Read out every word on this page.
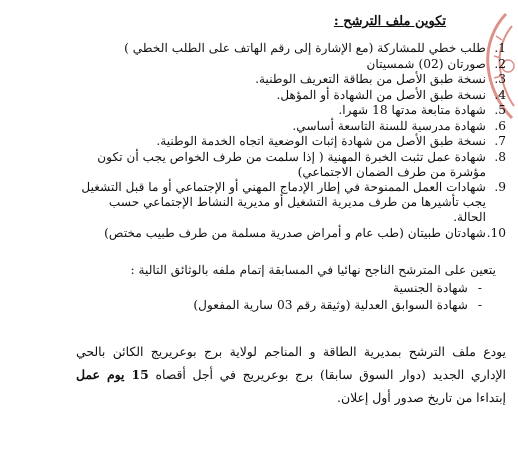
تكوين ملف الترشح :
1.
طلب خطي للمشاركة (مع الإشارة إلى رقم الهاتف على الطلب الخطي )
2.
صورتان (02) شمسيتان
3.
نسخة طبق الأصل من بطاقة التعريف الوطنية.
4.
نسخة طبق الأصل من الشهادة أو المؤهل.
5.
شهادة متابعة مدتها 18 شهرا.
6.
شهادة مدرسية للسنة التاسعة أساسي.
7.
نسخة طبق الأصل من شهادة إثبات الوضعية اتجاه الخدمة الوطنية.
8.
شهادة عمل تثبت الخبرة المهنية ( إذا سلمت من طرف الخواص يجب أن تكون مؤشرة من طرف الضمان الاجتماعي)
9.
شهادات العمل الممنوحة في إطار الإدماج المهني أو الإجتماعي أو ما قبل التشغيل يجب تأشيرها من طرف مديرية التشغيل أو مديرية النشاط الإجتماعي حسب الحالة.
10.
شهادتان طبيتان (طب عام و أمراض صدرية مسلمة من طرف طبيب مختص)
يتعين على المترشح الناجح نهائيا في المسابقة إتمام ملفه بالوثائق التالية :
-
شهادة الجنسية
-
شهادة السوابق العدلية (وثيقة رقم 03 سارية المفعول)

يودع ملف الترشح بمديرية الطاقة و المناجم لولاية برج بوعريريج الكائن بالحي الإداري الجديد (دوار السوق سابقا) برج بوعريريج في أجل أقصاه 15 يوم عمل إبتداءا من تاريخ صدور أول إعلان.
